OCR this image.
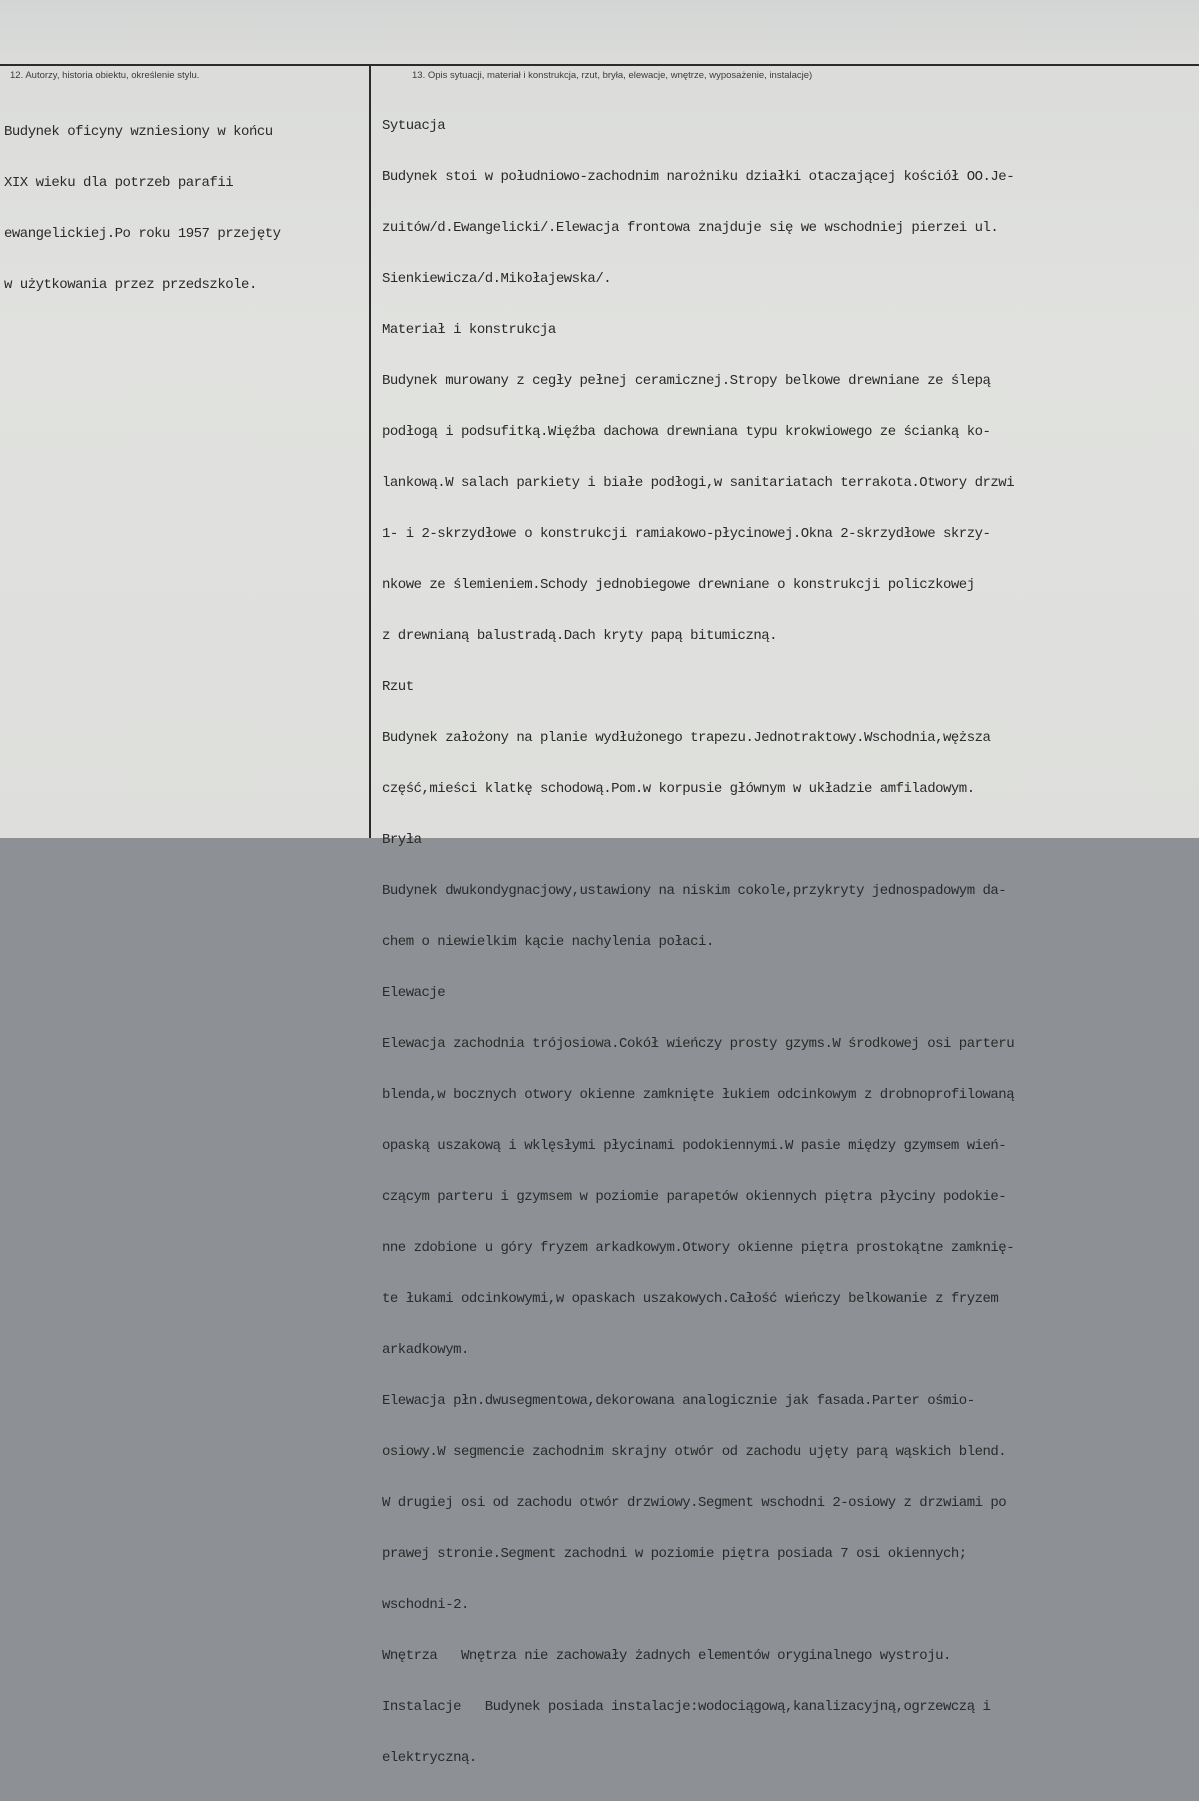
12. Autorzy, historia obiektu, określenie stylu.	13. Opis sytuacji, materiał i konstrukcja, rzut, bryła, elewacje, wnętrze, wyposażenie, instalacje)

Budynek oficyny wzniesiony w końcu

XIX wieku dla potrzeb parafii

ewangelickiej.Po roku 1957 przejęty

w użytkowania przez przedszkole.

Sytuacja

Budynek stoi w południowo-zachodnim narożniku działki otaczającej kościół OO.Je-

zuitów/d.Ewangelicki/.Elewacja frontowa znajduje się we wschodniej pierzei ul.

Sienkiewicza/d.Mikołajewska/.

Materiał i konstrukcja

Budynek murowany z cegły pełnej ceramicznej.Stropy belkowe drewniane ze ślepą

podłogą i podsufitką.Więźba dachowa drewniana typu krokwiowego ze ścianką ko-

lankową.W salach parkiety i białe podłogi,w sanitariatach terrakota.Otwory drzwi

1- i 2-skrzydłowe o konstrukcji ramiakowo-płycinowej.Okna 2-skrzydłowe skrzy-

nkowe ze ślemieniem.Schody jednobiegowe drewniane o konstrukcji policzkowej

z drewnianą balustradą.Dach kryty papą bitumiczną.

Rzut

Budynek założony na planie wydłużonego trapezu.Jednotraktowy.Wschodnia,węższa

część,mieści klatkę schodową.Pom.w korpusie głównym w układzie amfiladowym.

Bryła

Budynek dwukondygnacjowy,ustawiony na niskim cokole,przykryty jednospadowym da-

chem o niewielkim kącie nachylenia połaci.

Elewacje

Elewacja zachodnia trójosiowa.Cokół wieńczy prosty gzyms.W środkowej osi parteru

blenda,w bocznych otwory okienne zamknięte łukiem odcinkowym z drobnoprofilowaną

opaską uszakową i wklęsłymi płycinami podokiennymi.W pasie między gzymsem wień-

czącym parteru i gzymsem w poziomie parapetów okiennych piętra płyciny podokie-

nne zdobione u góry fryzem arkadkowym.Otwory okienne piętra prostokątne zamknię-

te łukami odcinkowymi,w opaskach uszakowych.Całość wieńczy belkowanie z fryzem

arkadkowym.

Elewacja płn.dwusegmentowa,dekorowana analogicznie jak fasada.Parter ośmio-

osiowy.W segmencie zachodnim skrajny otwór od zachodu ujęty parą wąskich blend.

W drugiej osi od zachodu otwór drzwiowy.Segment wschodni 2-osiowy z drzwiami po

prawej stronie.Segment zachodni w poziomie piętra posiada 7 osi okiennych;

wschodni-2.

Wnętrza   Wnętrza nie zachowały żadnych elementów oryginalnego wystroju.

Instalacje   Budynek posiada instalacje:wodociągową,kanalizacyjną,ogrzewczą i

elektryczną.
